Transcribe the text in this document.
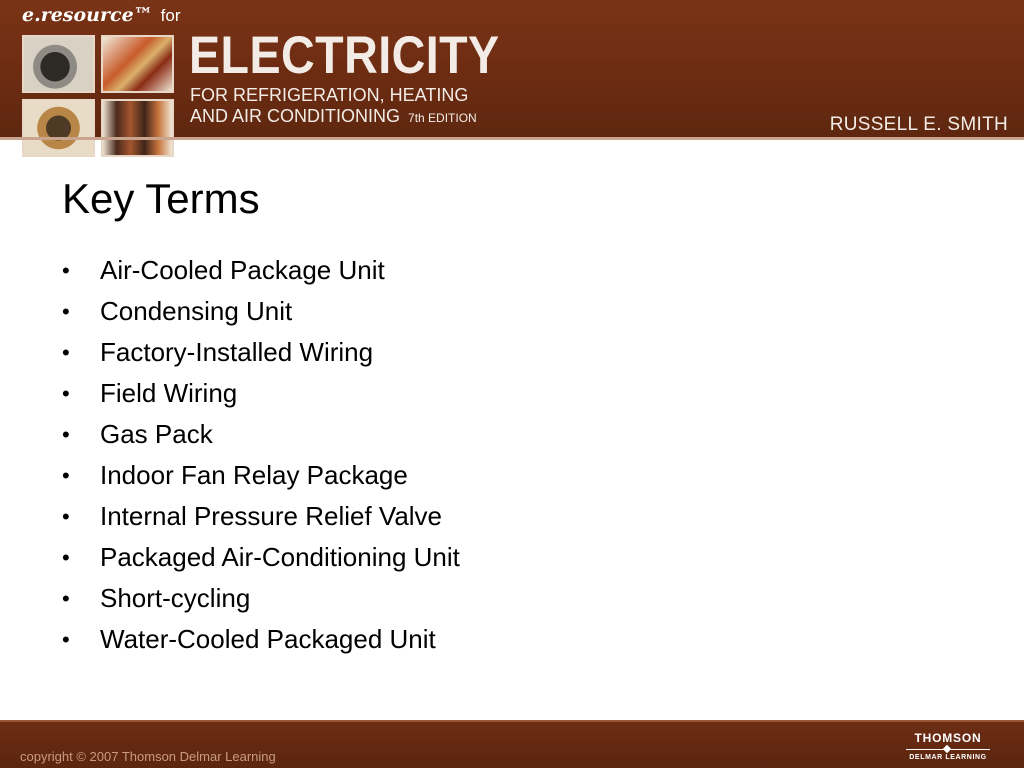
e.resource™ for
ELECTRICITY
FOR REFRIGERATION, HEATING
AND AIR CONDITIONING 7th EDITION	RUSSELL E. SMITH
Key Terms
• Air-Cooled Package Unit
• Condensing Unit
• Factory-Installed Wiring
• Field Wiring
• Gas Pack
• Indoor Fan Relay Package
• Internal Pressure Relief Valve
• Packaged Air-Conditioning Unit
• Short-cycling
• Water-Cooled Packaged Unit
copyright © 2007 Thomson Delmar Learning
THOMSON
DELMAR LEARNING
